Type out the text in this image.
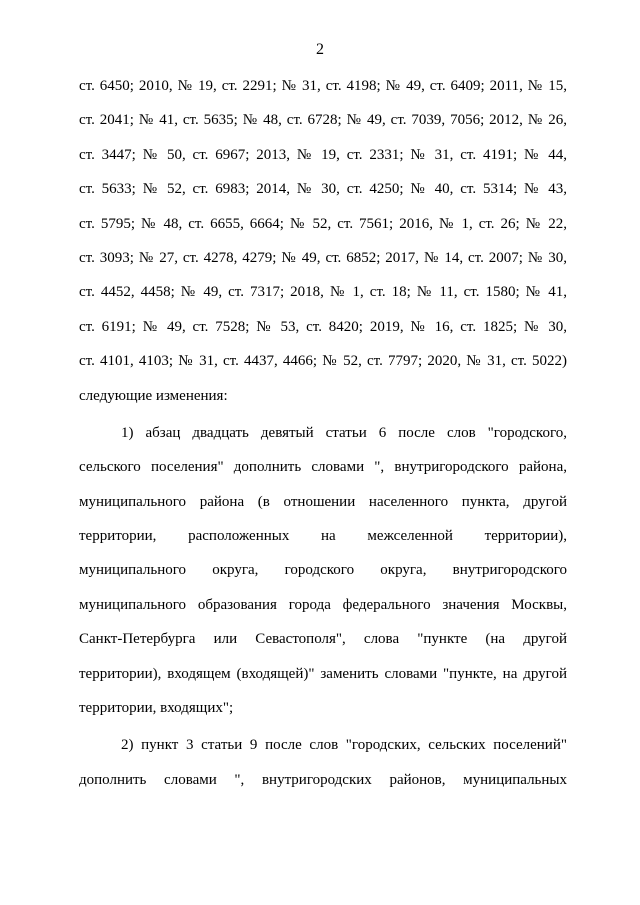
2
ст. 6450; 2010, № 19, ст. 2291; № 31, ст. 4198; № 49, ст. 6409; 2011, № 15,
ст. 2041; № 41, ст. 5635; № 48, ст. 6728; № 49, ст. 7039, 7056; 2012, № 26,
ст. 3447; № 50, ст. 6967; 2013, № 19, ст. 2331; № 31, ст. 4191; № 44,
ст. 5633; № 52, ст. 6983; 2014, № 30, ст. 4250; № 40, ст. 5314; № 43,
ст. 5795; № 48, ст. 6655, 6664; № 52, ст. 7561; 2016, № 1, ст. 26; № 22,
ст. 3093; № 27, ст. 4278, 4279; № 49, ст. 6852; 2017, № 14, ст. 2007; № 30,
ст. 4452, 4458; № 49, ст. 7317; 2018, № 1, ст. 18; № 11, ст. 1580; № 41,
ст. 6191; № 49, ст. 7528; № 53, ст. 8420; 2019, № 16, ст. 1825; № 30,
ст. 4101, 4103; № 31, ст. 4437, 4466; № 52, ст. 7797; 2020, № 31, ст. 5022)
следующие изменения:
1) абзац двадцать девятый статьи 6 после слов "городского,
сельского поселения" дополнить словами ", внутригородского района,
муниципального района (в отношении населенного пункта, другой
территории, расположенных на межселенной территории),
муниципального округа, городского округа, внутригородского
муниципального образования города федерального значения Москвы,
Санкт-Петербурга или Севастополя", слова "пункте (на другой
территории), входящем (входящей)" заменить словами "пункте, на другой
территории, входящих";
2) пункт 3 статьи 9 после слов "городских, сельских поселений"
дополнить словами ", внутригородских районов, муниципальных
